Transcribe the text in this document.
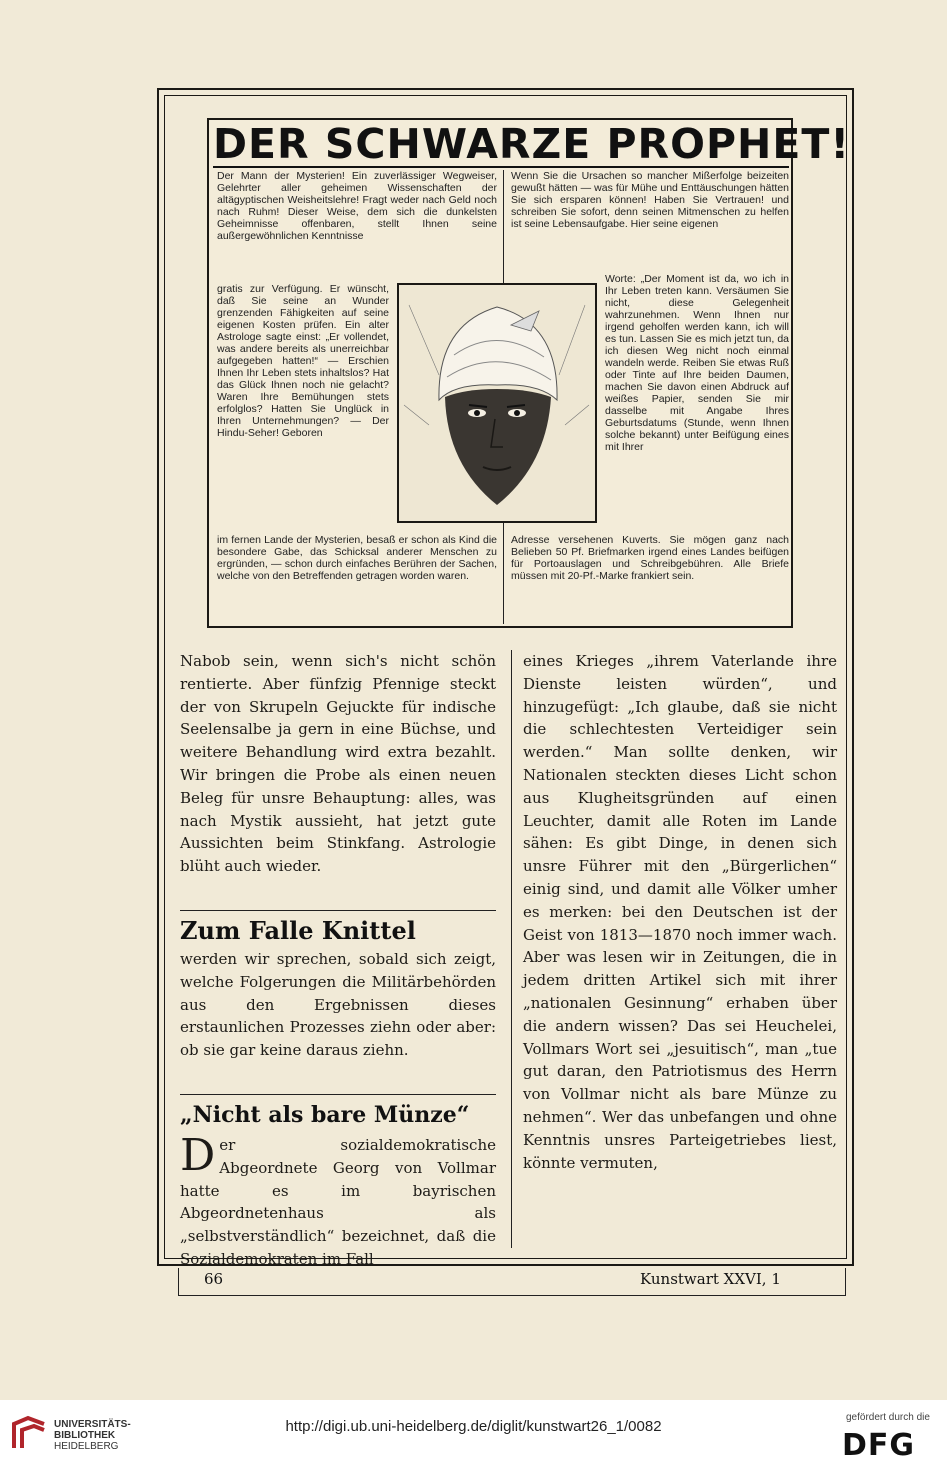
DER SCHWARZE PROPHET!

Der Mann der Mysterien! Ein zuverlässiger Wegweiser, Gelehrter aller geheimen Wissenschaften der altägyptischen Weisheitslehre! Fragt weder nach Geld noch nach Ruhm! Dieser Weise, dem sich die dunkelsten Geheimnisse offenbaren, stellt Ihnen seine außergewöhnlichen Kenntnisse

gratis zur Verfügung. Er wünscht, daß Sie seine an Wunder grenzenden Fähigkeiten auf seine eigenen Kosten prüfen. Ein alter Astrologe sagte einst: „Er vollendet, was andere bereits als unerreichbar aufgegeben hatten!“ — Erschien Ihnen Ihr Leben stets inhaltslos? Hat das Glück Ihnen noch nie gelacht? Waren Ihre Bemühungen stets erfolglos? Hatten Sie Unglück in Ihren Unternehmungen? — Der Hindu-Seher! Geboren

im fernen Lande der Mysterien, besaß er schon als Kind die besondere Gabe, das Schicksal anderer Menschen zu ergründen, — schon durch einfaches Berühren der Sachen, welche von den Betreffenden getragen worden waren.

Wenn Sie die Ursachen so mancher Mißerfolge beizeiten gewußt hätten — was für Mühe und Enttäuschungen hätten Sie sich ersparen können! Haben Sie Vertrauen! und schreiben Sie sofort, denn seinen Mitmenschen zu helfen ist seine Lebensaufgabe. Hier seine eigenen

Worte: „Der Moment ist da, wo ich in Ihr Leben treten kann. Versäumen Sie nicht, diese Gelegenheit wahrzunehmen. Wenn Ihnen nur irgend geholfen werden kann, ich will es tun. Lassen Sie es mich jetzt tun, da ich diesen Weg nicht noch einmal wandeln werde. Reiben Sie etwas Ruß oder Tinte auf Ihre beiden Daumen, machen Sie davon einen Abdruck auf weißes Papier, senden Sie mir dasselbe mit Angabe Ihres Geburtsdatums (Stunde, wenn Ihnen solche bekannt) unter Beifügung eines mit Ihrer

Adresse versehenen Kuverts. Sie mögen ganz nach Belieben 50 Pf. Briefmarken irgend eines Landes beifügen für Portoauslagen und Schreibgebühren. Alle Briefe müssen mit 20-Pf.-Marke frankiert sein.

Nabob sein, wenn sich's nicht schön rentierte. Aber fünfzig Pfennige steckt der von Skrupeln Gejuckte für indische Seelensalbe ja gern in eine Büchse, und weitere Behandlung wird extra bezahlt. Wir bringen die Probe als einen neuen Beleg für unsre Behauptung: alles, was nach Mystik aussieht, hat jetzt gute Aussichten beim Stinkfang. Astrologie blüht auch wieder.

Zum Falle Knittel

werden wir sprechen, sobald sich zeigt, welche Folgerungen die Militärbehörden aus den Ergebnissen dieses erstaunlichen Prozesses ziehn oder aber: ob sie gar keine daraus ziehn.

„Nicht als bare Münze“
D er sozialdemokratische Abgeordnete Georg von Vollmar hatte es im bayrischen Abgeordnetenhaus als „selbstverständlich“ bezeichnet, daß die Sozialdemokraten im Fall

eines Krieges „ihrem Vaterlande ihre Dienste leisten würden“, und hinzugefügt: „Ich glaube, daß sie nicht die schlechtesten Verteidiger sein werden.“ Man sollte denken, wir Nationalen steckten dieses Licht schon aus Klugheitsgründen auf einen Leuchter, damit alle Roten im Lande sähen: Es gibt Dinge, in denen sich unsre Führer mit den „Bürgerlichen“ einig sind, und damit alle Völker umher es merken: bei den Deutschen ist der Geist von 1813—1870 noch immer wach. Aber was lesen wir in Zeitungen, die in jedem dritten Artikel sich mit ihrer „nationalen Gesinnung“ erhaben über die andern wissen? Das sei Heuchelei, Vollmars Wort sei „jesuitisch“, man „tue gut daran, den Patriotismus des Herrn von Vollmar nicht als bare Münze zu nehmen“. Wer das unbefangen und ohne Kenntnis unsres Parteigetriebes liest, könnte vermuten,

66	Kunstwart XXVI, 1
UNIVERSITÄTS-
BIBLIOTHEK
HEIDELBERG
http://digi.ub.uni-heidelberg.de/diglit/kunstwart26_1/0082
gefördert durch die
DFG
